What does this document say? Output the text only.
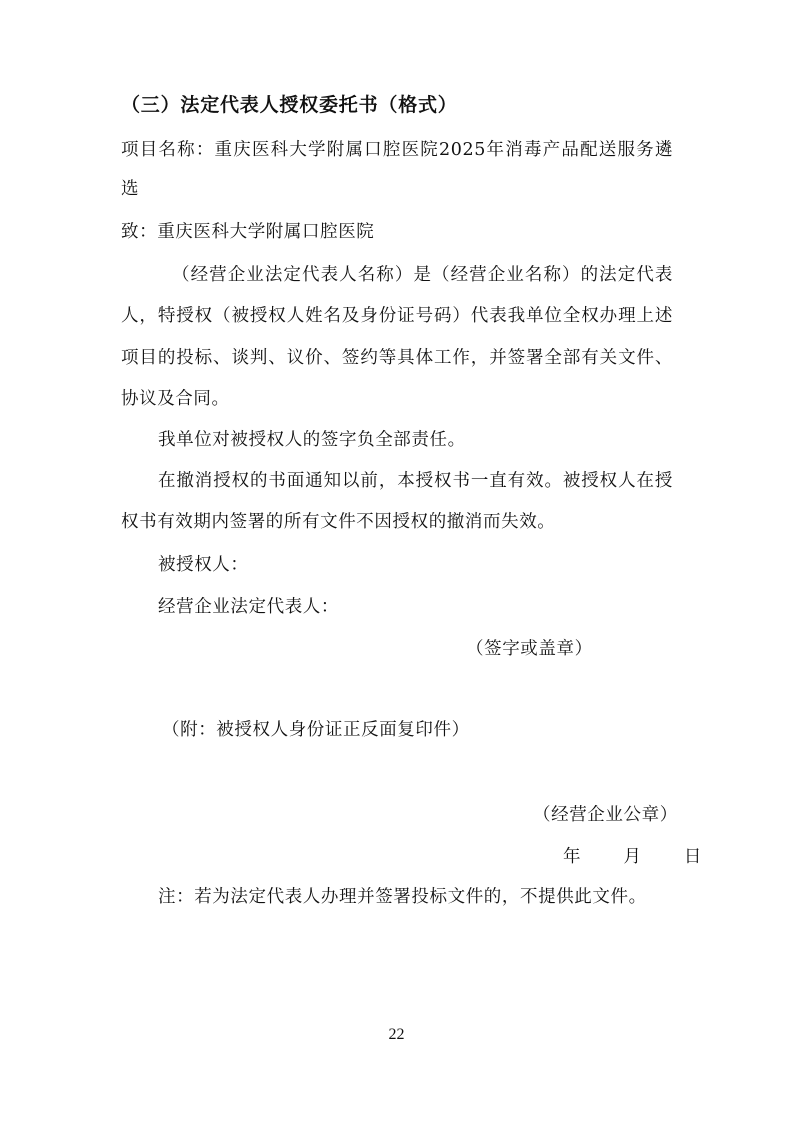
（三）法定代表人授权委托书（格式）
项目名称：重庆医科大学附属口腔医院2025年消毒产品配送服务遴
选
致：重庆医科大学附属口腔医院
（经营企业法定代表人名称）是（经营企业名称）的法定代表
人，特授权（被授权人姓名及身份证号码）代表我单位全权办理上述
项目的投标、谈判、议价、签约等具体工作，并签署全部有关文件、
协议及合同。
我单位对被授权人的签字负全部责任。
在撤消授权的书面通知以前，本授权书一直有效。被授权人在授
权书有效期内签署的所有文件不因授权的撤消而失效。
被授权人：
经营企业法定代表人：
（签字或盖章）
（附：被授权人身份证正反面复印件）
（经营企业公章）
年 月 日
注：若为法定代表人办理并签署投标文件的，不提供此文件。
22
